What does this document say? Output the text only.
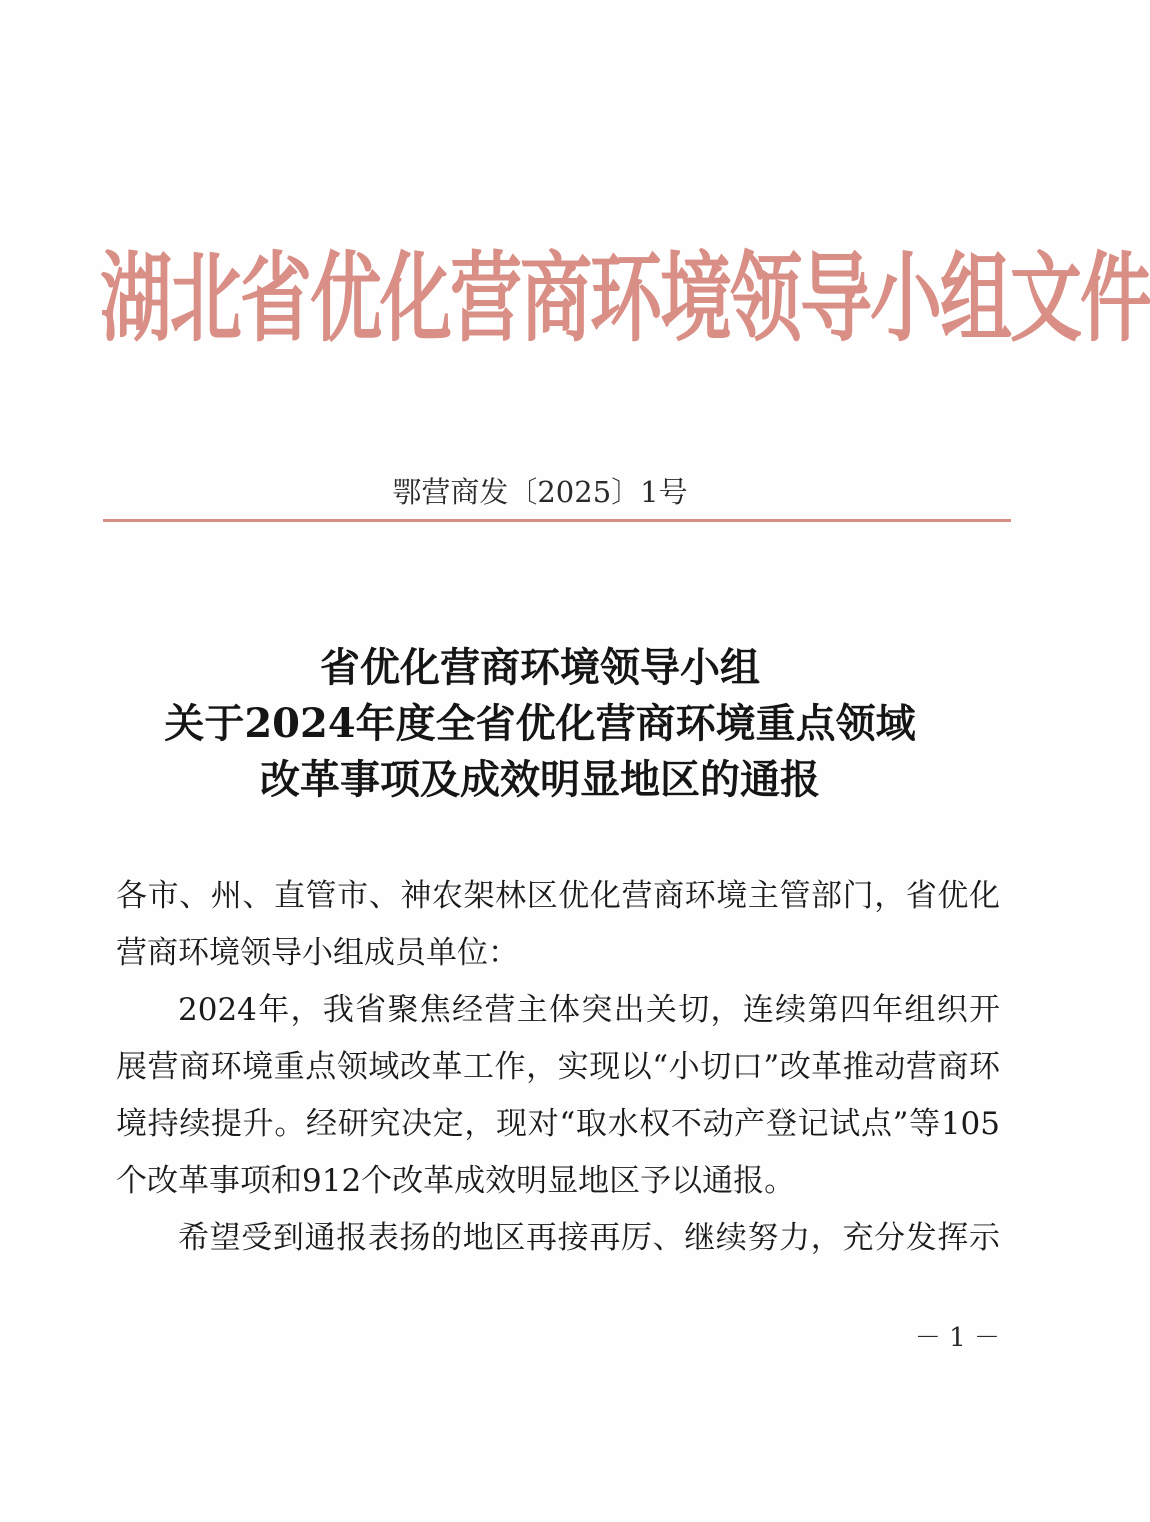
湖北省优化营商环境领导小组文件
鄂营商发〔2025〕1号
省优化营商环境领导小组
关于2024年度全省优化营商环境重点领域
改革事项及成效明显地区的通报

各市、州、直管市、神农架林区优化营商环境主管部门，省优化

营商环境领导小组成员单位：

2024年，我省聚焦经营主体突出关切，连续第四年组织开

展营商环境重点领域改革工作，实现以“小切口”改革推动营商环

境持续提升。经研究决定，现对“取水权不动产登记试点”等105

个改革事项和912个改革成效明显地区予以通报。

希望受到通报表扬的地区再接再厉、继续努力，充分发挥示

－ 1 －
